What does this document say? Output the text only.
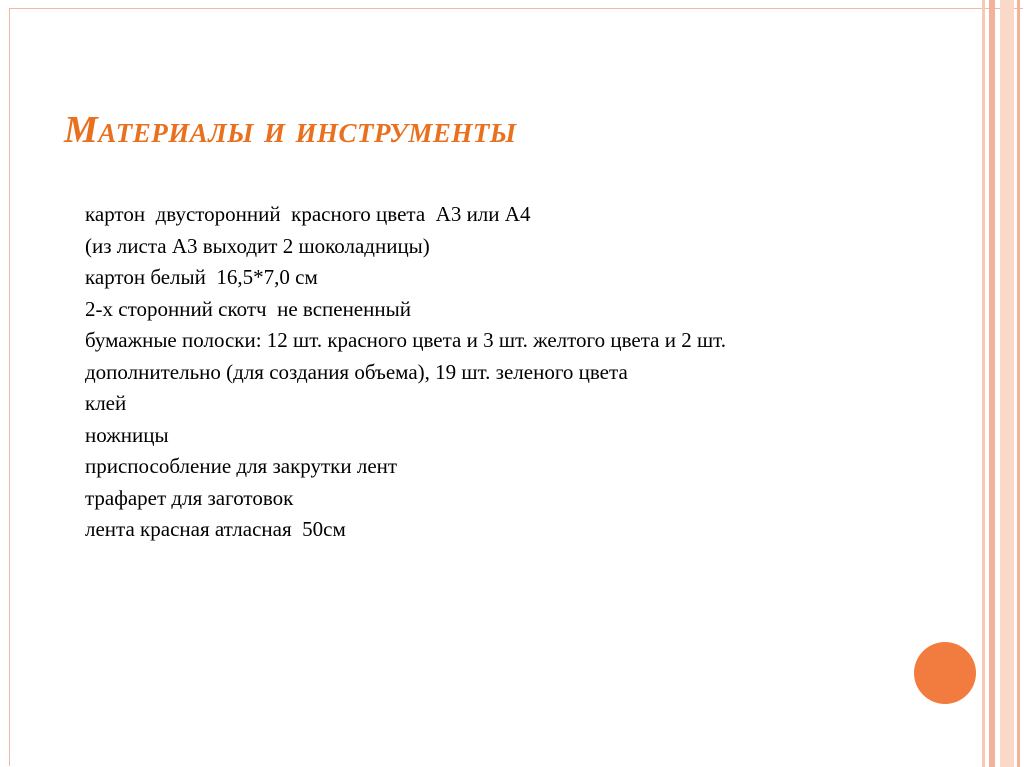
Материалы и инструменты
картон  двусторонний  красного цвета  А3 или А4
(из листа А3 выходит 2 шоколадницы)
картон белый  16,5*7,0 см
2-х сторонний скотч  не вспененный
бумажные полоски: 12 шт. красного цвета и 3 шт. желтого цвета и 2 шт.
дополнительно (для создания объема), 19 шт. зеленого цвета
клей
ножницы
приспособление для закрутки лент
трафарет для заготовок
лента красная атласная  50см
